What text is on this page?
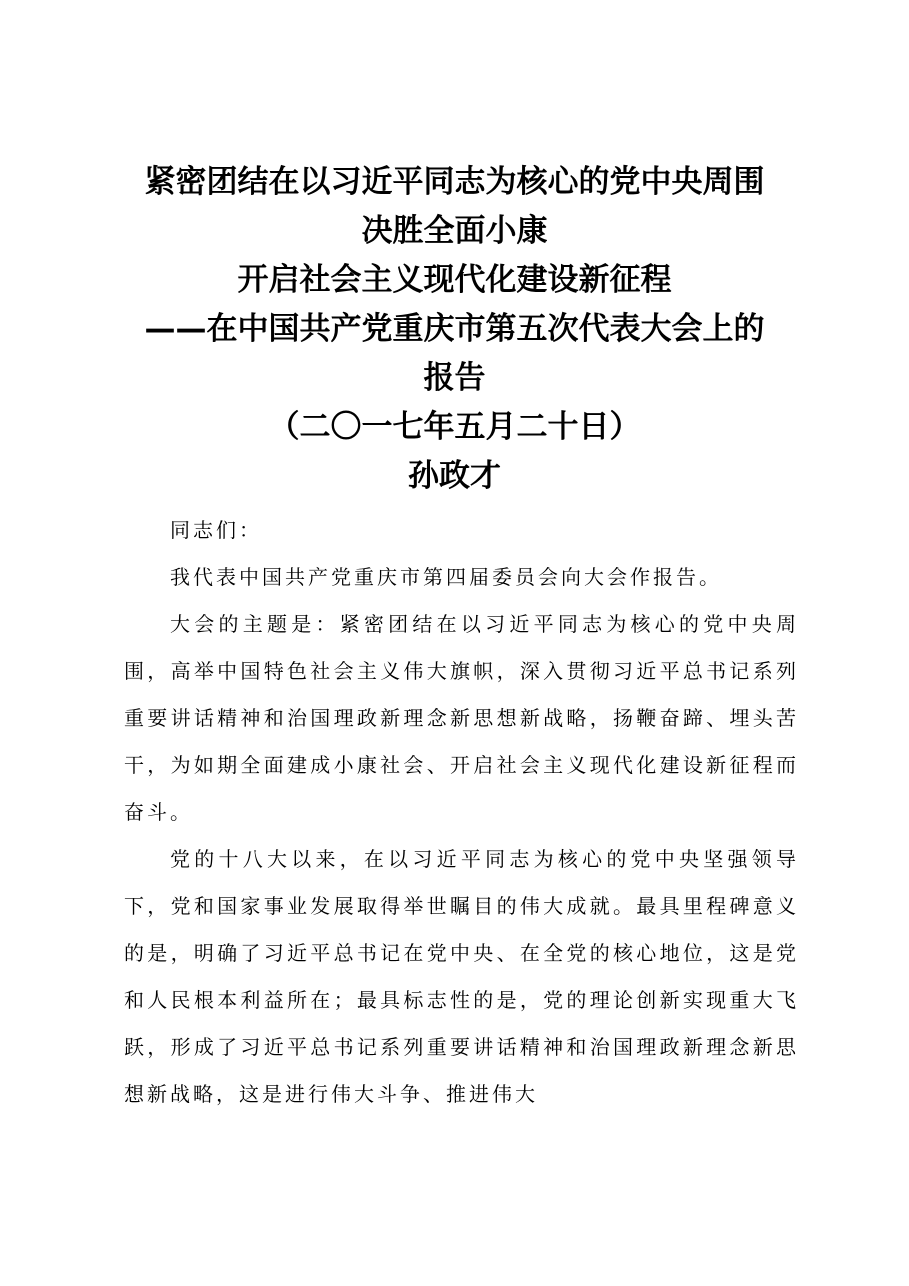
紧密团结在以习近平同志为核心的党中央周围
决胜全面小康
开启社会主义现代化建设新征程
——在中国共产党重庆市第五次代表大会上的
报告
（二〇一七年五月二十日）
孙政才

同志们：

我代表中国共产党重庆市第四届委员会向大会作报告。

大会的主题是：紧密团结在以习近平同志为核心的党中央周围，高举中国特色社会主义伟大旗帜，深入贯彻习近平总书记系列重要讲话精神和治国理政新理念新思想新战略，扬鞭奋蹄、埋头苦干，为如期全面建成小康社会、开启社会主义现代化建设新征程而奋斗。

党的十八大以来，在以习近平同志为核心的党中央坚强领导下，党和国家事业发展取得举世瞩目的伟大成就。最具里程碑意义的是，明确了习近平总书记在党中央、在全党的核心地位，这是党和人民根本利益所在；最具标志性的是，党的理论创新实现重大飞跃，形成了习近平总书记系列重要讲话精神和治国理政新理念新思想新战略，这是进行伟大斗争、推进伟大
